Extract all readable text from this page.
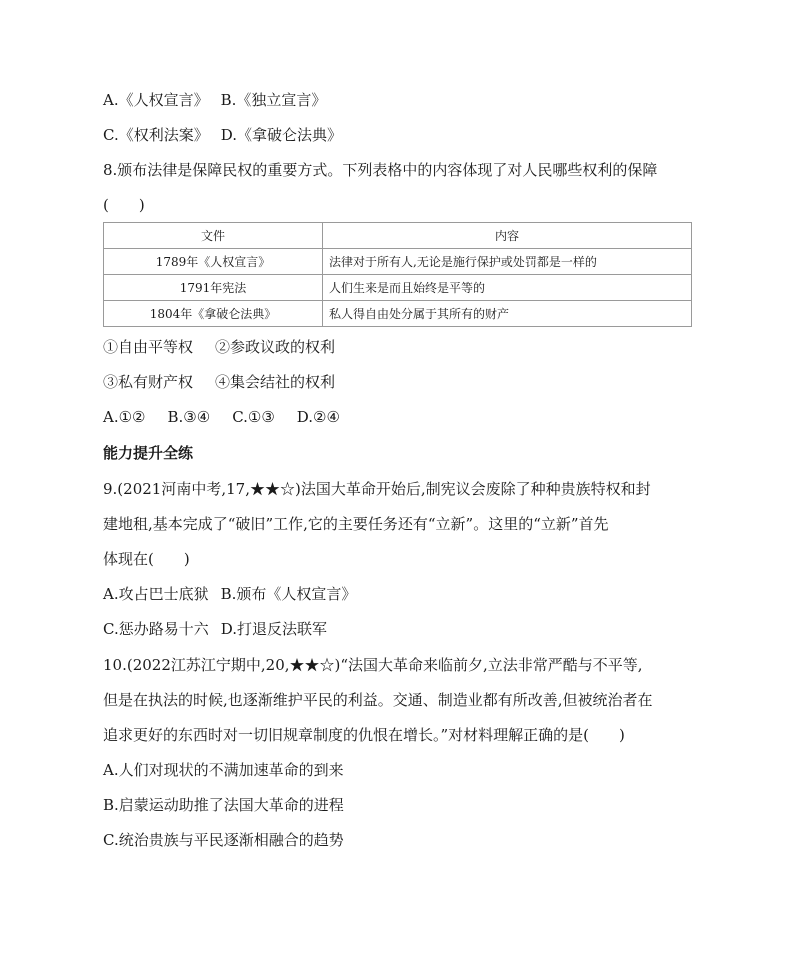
A.《人权宣言》 B.《独立宣言》
C.《权利法案》 D.《拿破仑法典》
8.颁布法律是保障民权的重要方式。下列表格中的内容体现了对人民哪些权利的保障
(　　)
文件	内容
1789年《人权宣言》	法律对于所有人,无论是施行保护或处罚都是一样的
1791年宪法	人们生来是而且始终是平等的
1804年《拿破仑法典》	私人得自由处分属于其所有的财产
①自由平等权 ②参政议政的权利
③私有财产权 ④集会结社的权利
A.①② B.③④ C.①③ D.②④
能力提升全练
9.(2021河南中考,17,★★☆)法国大革命开始后,制宪议会废除了种种贵族特权和封
建地租,基本完成了“破旧”工作,它的主要任务还有“立新”。这里的“立新”首先
体现在(　　)
A.攻占巴士底狱 B.颁布《人权宣言》
C.惩办路易十六 D.打退反法联军
10.(2022江苏江宁期中,20,★★☆)“法国大革命来临前夕,立法非常严酷与不平等,
但是在执法的时候,也逐渐维护平民的利益。交通、制造业都有所改善,但被统治者在
追求更好的东西时对一切旧规章制度的仇恨在增长。”对材料理解正确的是(　　)
A.人们对现状的不满加速革命的到来
B.启蒙运动助推了法国大革命的进程
C.统治贵族与平民逐渐相融合的趋势
